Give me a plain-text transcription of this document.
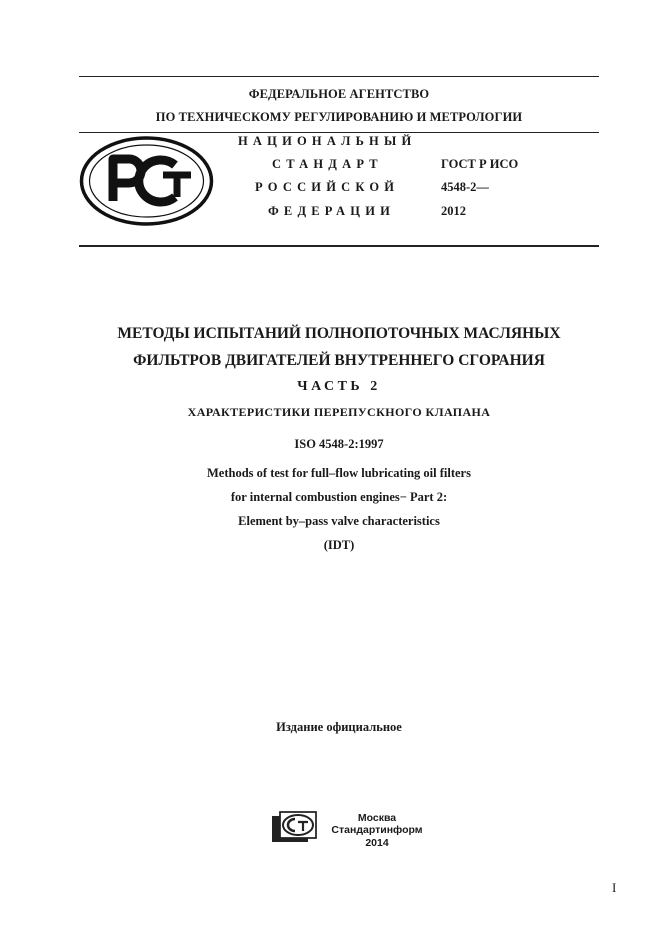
ФЕДЕРАЛЬНОЕ АГЕНТСТВО
ПО ТЕХНИЧЕСКОМУ РЕГУЛИРОВАНИЮ И МЕТРОЛОГИИ
НАЦИОНАЛЬНЫЙ
СТАНДАРТ
РОССИЙСКОЙ
ФЕДЕРАЦИИ
ГОСТ Р ИСО
4548-2—
2012
МЕТОДЫ ИСПЫТАНИЙ ПОЛНОПОТОЧНЫХ МАСЛЯНЫХ
ФИЛЬТРОВ ДВИГАТЕЛЕЙ ВНУТРЕННЕГО СГОРАНИЯ
ЧАСТЬ 2
ХАРАКТЕРИСТИКИ ПЕРЕПУСКНОГО КЛАПАНА
ISO 4548-2:1997
Methods of test for full–flow lubricating oil filters
for internal combustion engines− Part 2:
Element by–pass valve characteristics
(IDT)
Издание официальное
Москва
Стандартинформ
2014
I
